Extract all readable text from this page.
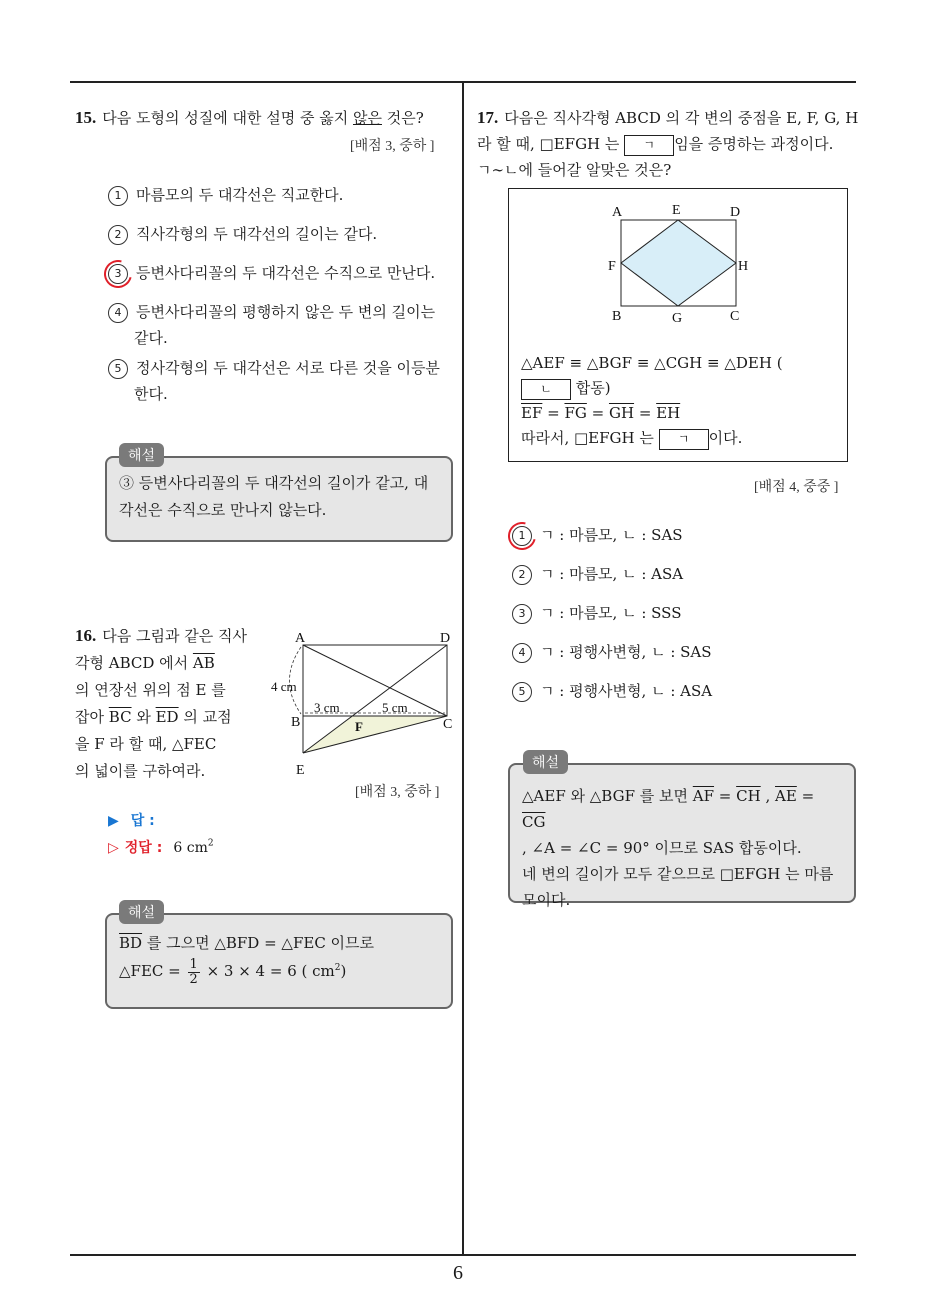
6
15. 다음 도형의 성질에 대한 설명 중 옳지 않은 것은?
[배점 3, 중하 ]
1 마름모의 두 대각선은 직교한다.
2 직사각형의 두 대각선의 길이는 같다.
3 등변사다리꼴의 두 대각선은 수직으로 만난다.
4 등변사다리꼴의 평행하지 않은 두 변의 길이는
같다.
5 정사각형의 두 대각선은 서로 다른 것을 이등분
한다.
③ 등변사다리꼴의 두 대각선의 길이가 같고, 대
각선은 수직으로 만나지 않는다.
해설
16. 다음 그림과 같은 직사
각형 ABCD 에서 $\overline{AB}$
의 연장선 위의 점 E 를
잡아 $\overline{BC}$ 와 $\overline{ED}$ 의 교점
을 F 라 할 때, △FEC
의 넓이를 구하여라.
A	D
B	C
E
F
4 cm
3 cm	5 cm
[배점 3, 중하 ]
▶ 답 :
▷ 정답 : 6 $cm^2$
$\overline{BD}$ 를 그으면 △BFD = △FEC 이므로
△FEC = $\frac{1}{2} \times 3 \times 4 = 6$ ( $cm^2$)
해설
17. 다음은 직사각형 ABCD 의 각 변의 중점을 E, F, G, H
라 할 때, □EFGH 는 ㄱ 임을 증명하는 과정이다.
ㄱ∼ㄴ에 들어갈 알맞은 것은?
A	E	D
F	H
B	G	C
△AEF ≡ △BGF ≡ △CGH ≡ △DEH (
ㄴ 합동)
$\overline{EF} = \overline{FG} = \overline{GH} = \overline{EH}$
따라서, □EFGH 는 ㄱ 이다.
[배점 4, 중중 ]
1 ㄱ : 마름모, ㄴ : SAS
2 ㄱ : 마름모, ㄴ : ASA
3 ㄱ : 마름모, ㄴ : SSS
4 ㄱ : 평행사변형, ㄴ : SAS
5 ㄱ : 평행사변형, ㄴ : ASA
△AEF 와 △BGF 를 보면 $\overline{AF} = \overline{CH}$ , $\overline{AE} = \overline{CG}$
, ∠A = ∠C = 90° 이므로 SAS 합동이다.
네 변의 길이가 모두 같으므로 □EFGH 는 마름
모이다.
해설
